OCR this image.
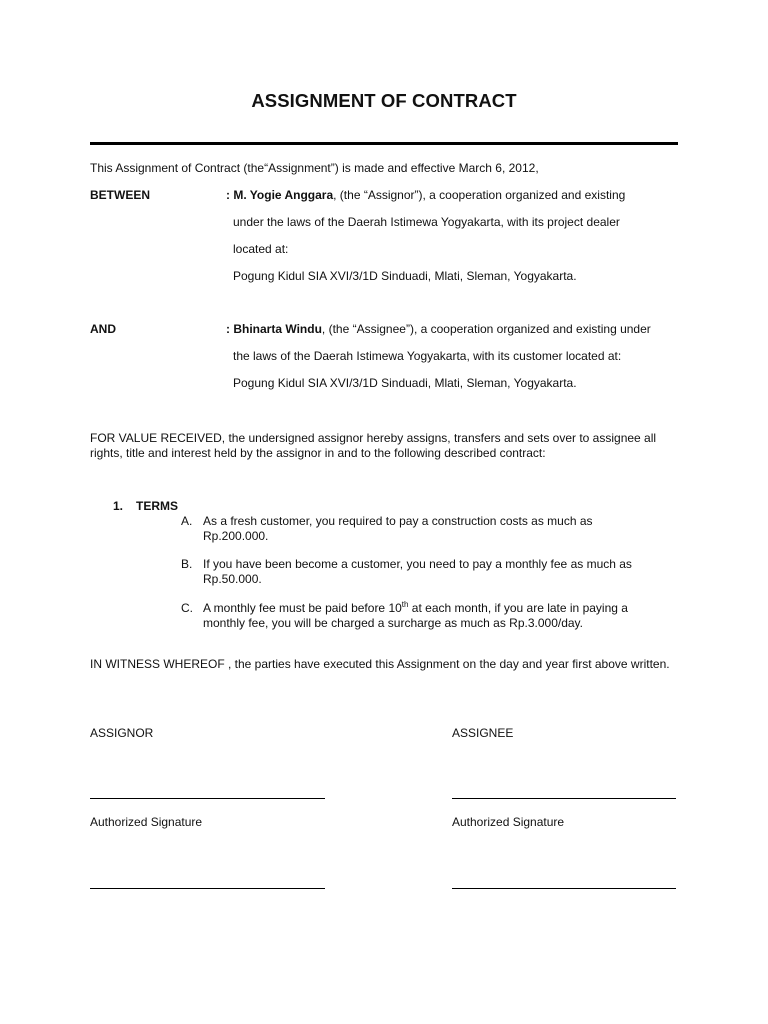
ASSIGNMENT OF CONTRACT
This Assignment of Contract (the“Assignment”) is made and effective March 6, 2012,
BETWEEN	: M. Yogie Anggara, (the “Assignor”), a cooperation organized and existing
under the laws of the Daerah Istimewa Yogyakarta, with its project dealer
located at:
Pogung Kidul SIA XVI/3/1D Sinduadi, Mlati, Sleman, Yogyakarta.
AND	: Bhinarta Windu, (the “Assignee”), a cooperation organized and existing under
the laws of the Daerah Istimewa Yogyakarta, with its customer located at:
Pogung Kidul SIA XVI/3/1D Sinduadi, Mlati, Sleman, Yogyakarta.
FOR VALUE RECEIVED, the undersigned assignor hereby assigns, transfers and sets over to assignee all rights, title and interest held by the assignor in and to the following described contract:
1. TERMS
A. As a fresh customer, you required to pay a construction costs as much as Rp.200.000.
B. If you have been become a customer, you need to pay a monthly fee as much as Rp.50.000.
C. A monthly fee must be paid before 10th at each month, if you are late in paying a monthly fee, you will be charged a surcharge as much as Rp.3.000/day.
IN WITNESS WHEREOF , the parties have executed this Assignment on the day and year first above written.
ASSIGNOR	ASSIGNEE
Authorized Signature	Authorized Signature
